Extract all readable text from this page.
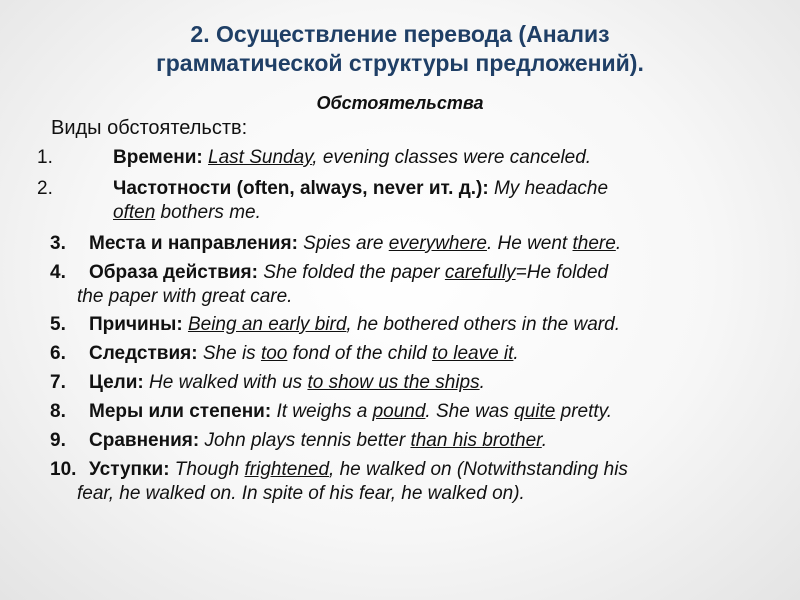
2. Осуществление перевода (Анализ
грамматической структуры предложений).
Обстоятельства
Виды обстоятельств:
1.	Времени: Last Sunday, evening classes were canceled.
2.	Частотности (often, always, never ит. д.): My headache
often bothers me.
3. Места и направления: Spies are everywhere. He went there.
4. Образа действия: She folded the paper carefully=He folded
the paper with great care.
5. Причины: Being an early bird, he bothered others in the ward.
6. Следствия: She is too fond of the child to leave it.
7. Цели: He walked with us to show us the ships.
8. Меры или степени: It weighs a pound. She was quite pretty.
9. Сравнения: John plays tennis better than his brother.
10. Уступки: Though frightened, he walked on (Notwithstanding his
fear, he walked on. In spite of his fear, he walked on).
